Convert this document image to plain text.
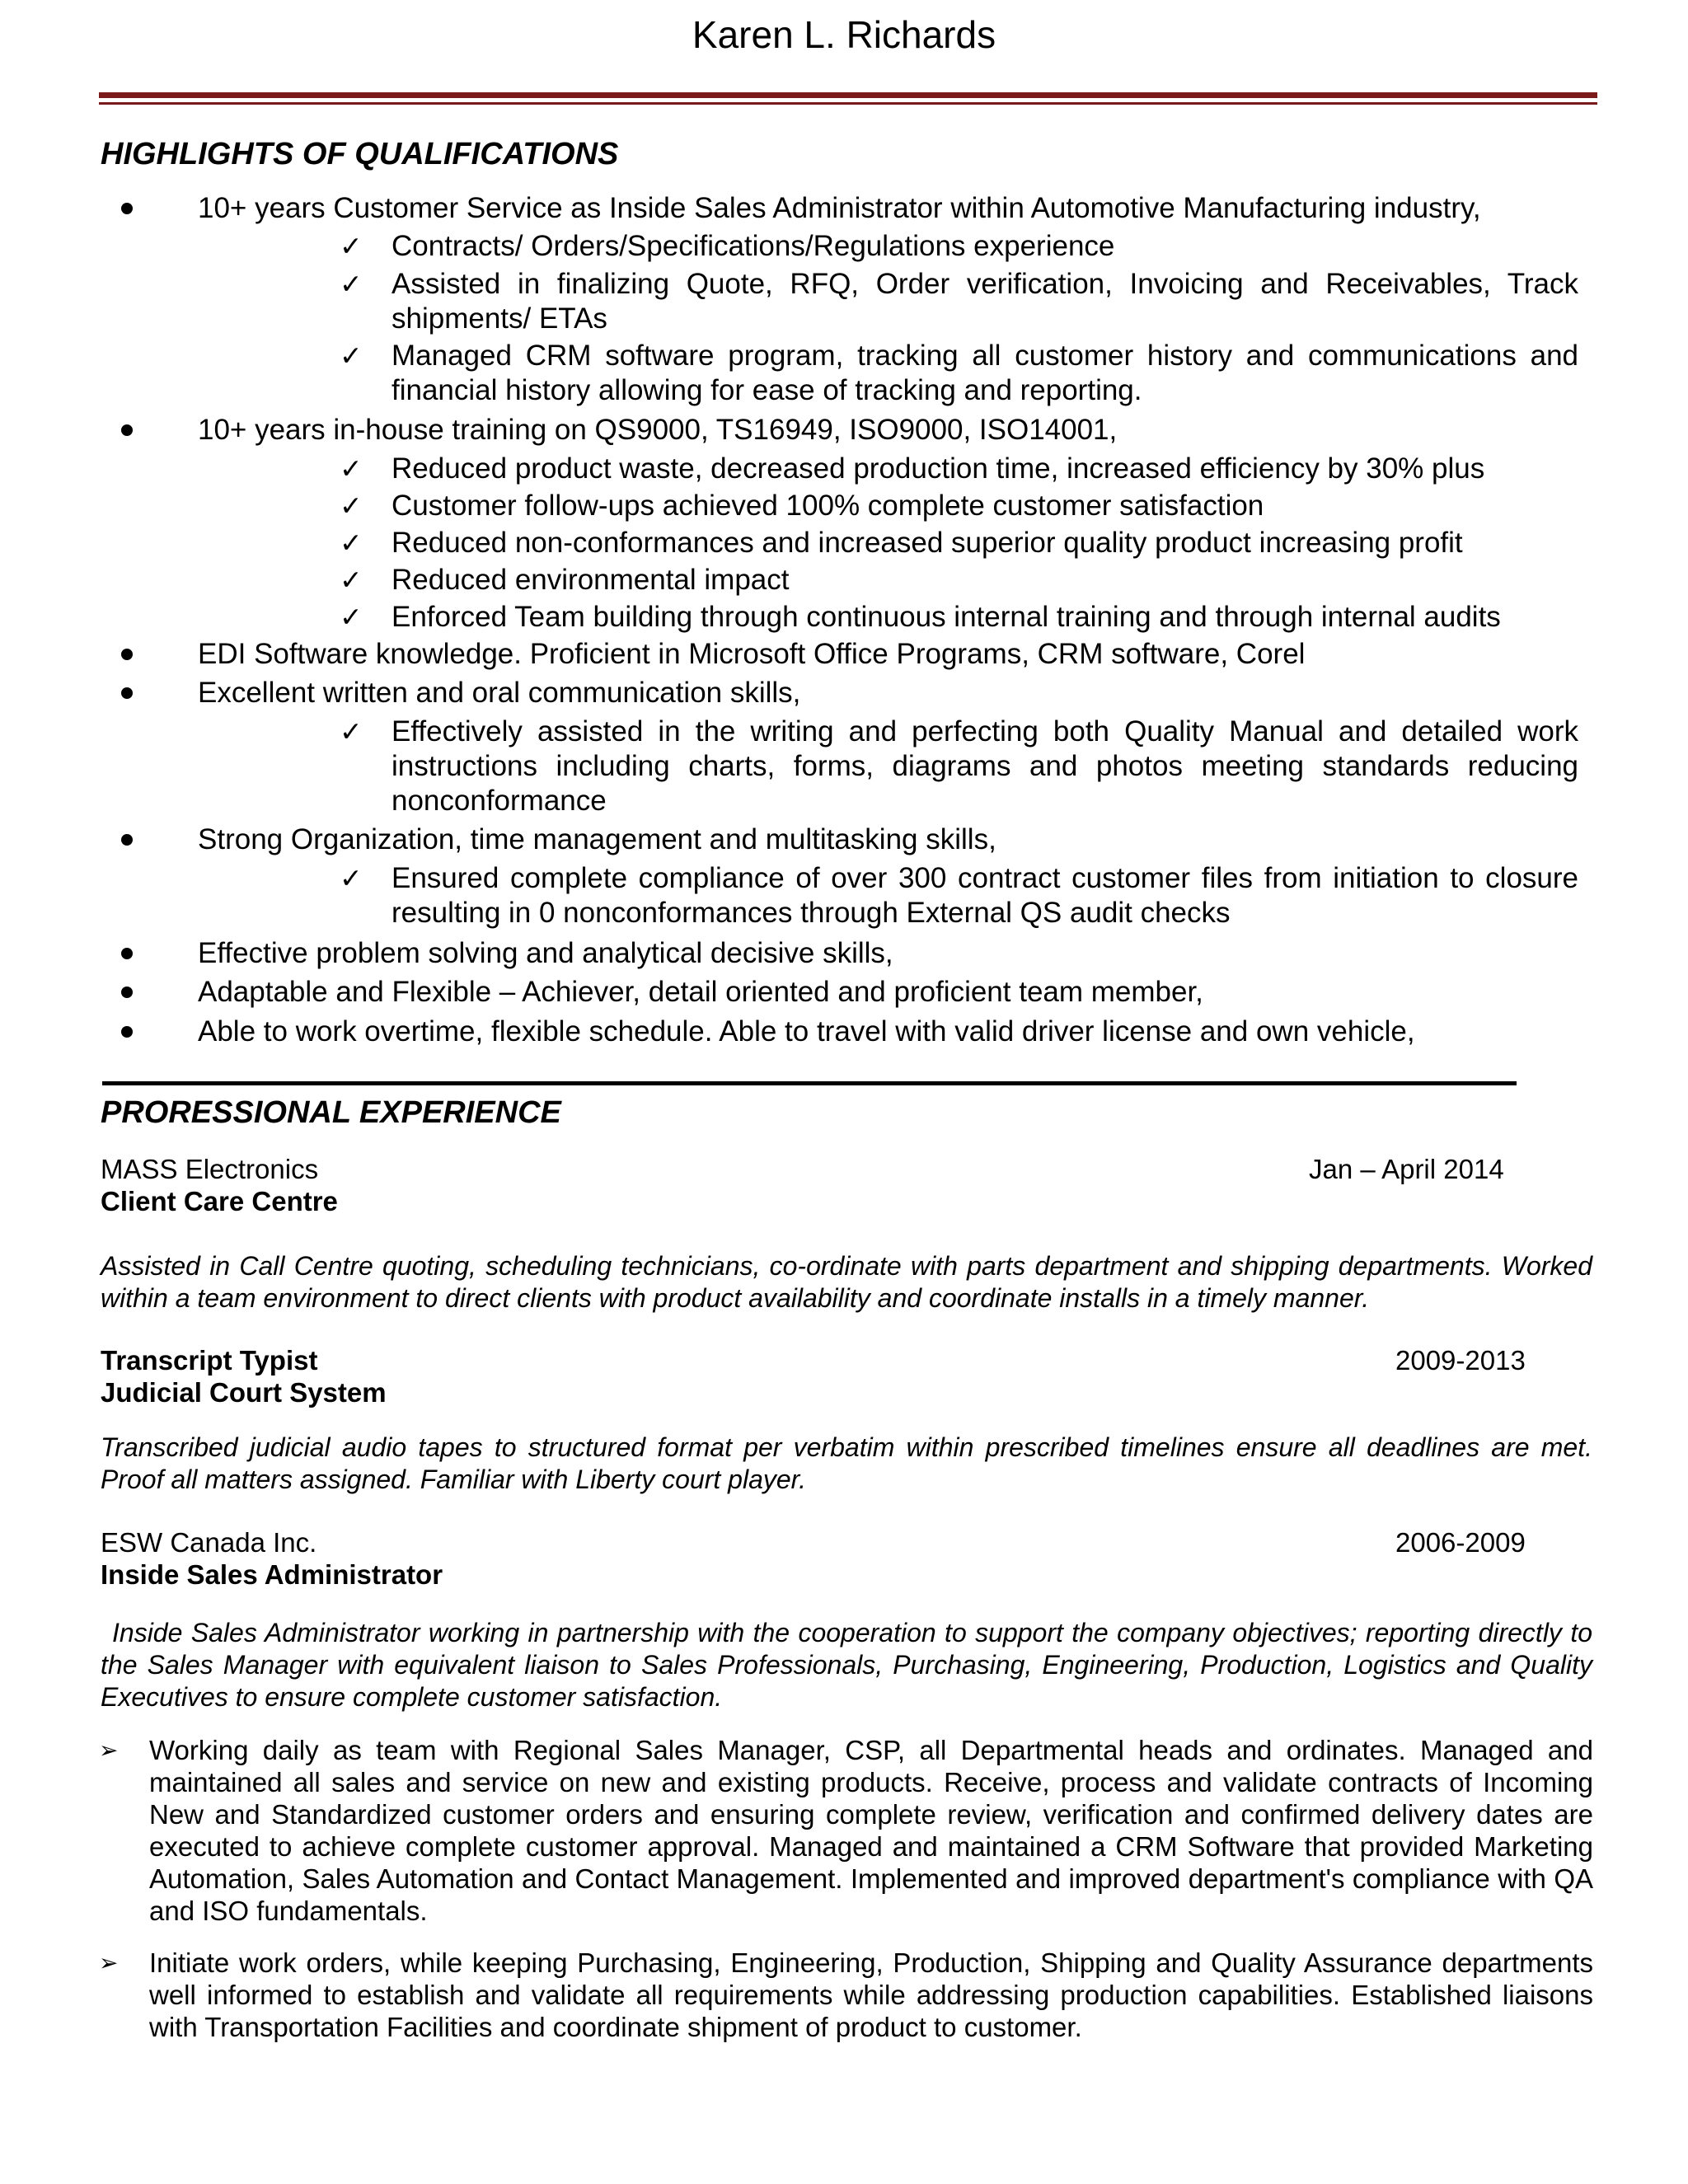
Karen L. Richards
HIGHLIGHTS OF QUALIFICATIONS
10+ years Customer Service as Inside Sales Administrator within Automotive Manufacturing industry,
✓ Contracts/ Orders/Specifications/Regulations experience
✓ Assisted in finalizing Quote, RFQ, Order verification, Invoicing and Receivables, Track shipments/ ETAs
✓ Managed CRM software program, tracking all customer history and communications and financial history allowing for ease of tracking and reporting.
10+ years in-house training on QS9000, TS16949, ISO9000, ISO14001,
✓ Reduced product waste, decreased production time, increased efficiency by 30% plus
✓ Customer follow-ups achieved 100% complete customer satisfaction
✓ Reduced non-conformances and increased superior quality product increasing profit
✓ Reduced environmental impact
✓ Enforced Team building through continuous internal training and through internal audits
EDI Software knowledge. Proficient in Microsoft Office Programs, CRM software, Corel
Excellent written and oral communication skills,
✓ Effectively assisted in the writing and perfecting both Quality Manual and detailed work instructions including charts, forms, diagrams and photos meeting standards reducing nonconformance
Strong Organization, time management and multitasking skills,
✓ Ensured complete compliance of over 300 contract customer files from initiation to closure resulting in 0 nonconformances through External QS audit checks
Effective problem solving and analytical decisive skills,
Adaptable and Flexible – Achiever, detail oriented and proficient team member,
Able to work overtime, flexible schedule. Able to travel with valid driver license and own vehicle,
PRORESSIONAL EXPERIENCE
MASS Electronics	Jan – April 2014
Client Care Centre
Assisted in Call Centre quoting, scheduling technicians, co-ordinate with parts department and shipping departments. Worked within a team environment to direct clients with product availability and coordinate installs in a timely manner.
Transcript Typist	2009-2013
Judicial Court System
Transcribed judicial audio tapes to structured format per verbatim within prescribed timelines ensure all deadlines are met. Proof all matters assigned. Familiar with Liberty court player.
ESW Canada Inc.	2006-2009
Inside Sales Administrator
Inside Sales Administrator working in partnership with the cooperation to support the company objectives; reporting directly to the Sales Manager with equivalent liaison to Sales Professionals, Purchasing, Engineering, Production, Logistics and Quality Executives to ensure complete customer satisfaction.
➢ Working daily as team with Regional Sales Manager, CSP, all Departmental heads and ordinates. Managed and maintained all sales and service on new and existing products. Receive, process and validate contracts of Incoming New and Standardized customer orders and ensuring complete review, verification and confirmed delivery dates are executed to achieve complete customer approval. Managed and maintained a CRM Software that provided Marketing Automation, Sales Automation and Contact Management. Implemented and improved department's compliance with QA and ISO fundamentals.
➢ Initiate work orders, while keeping Purchasing, Engineering, Production, Shipping and Quality Assurance departments well informed to establish and validate all requirements while addressing production capabilities. Established liaisons with Transportation Facilities and coordinate shipment of product to customer.
